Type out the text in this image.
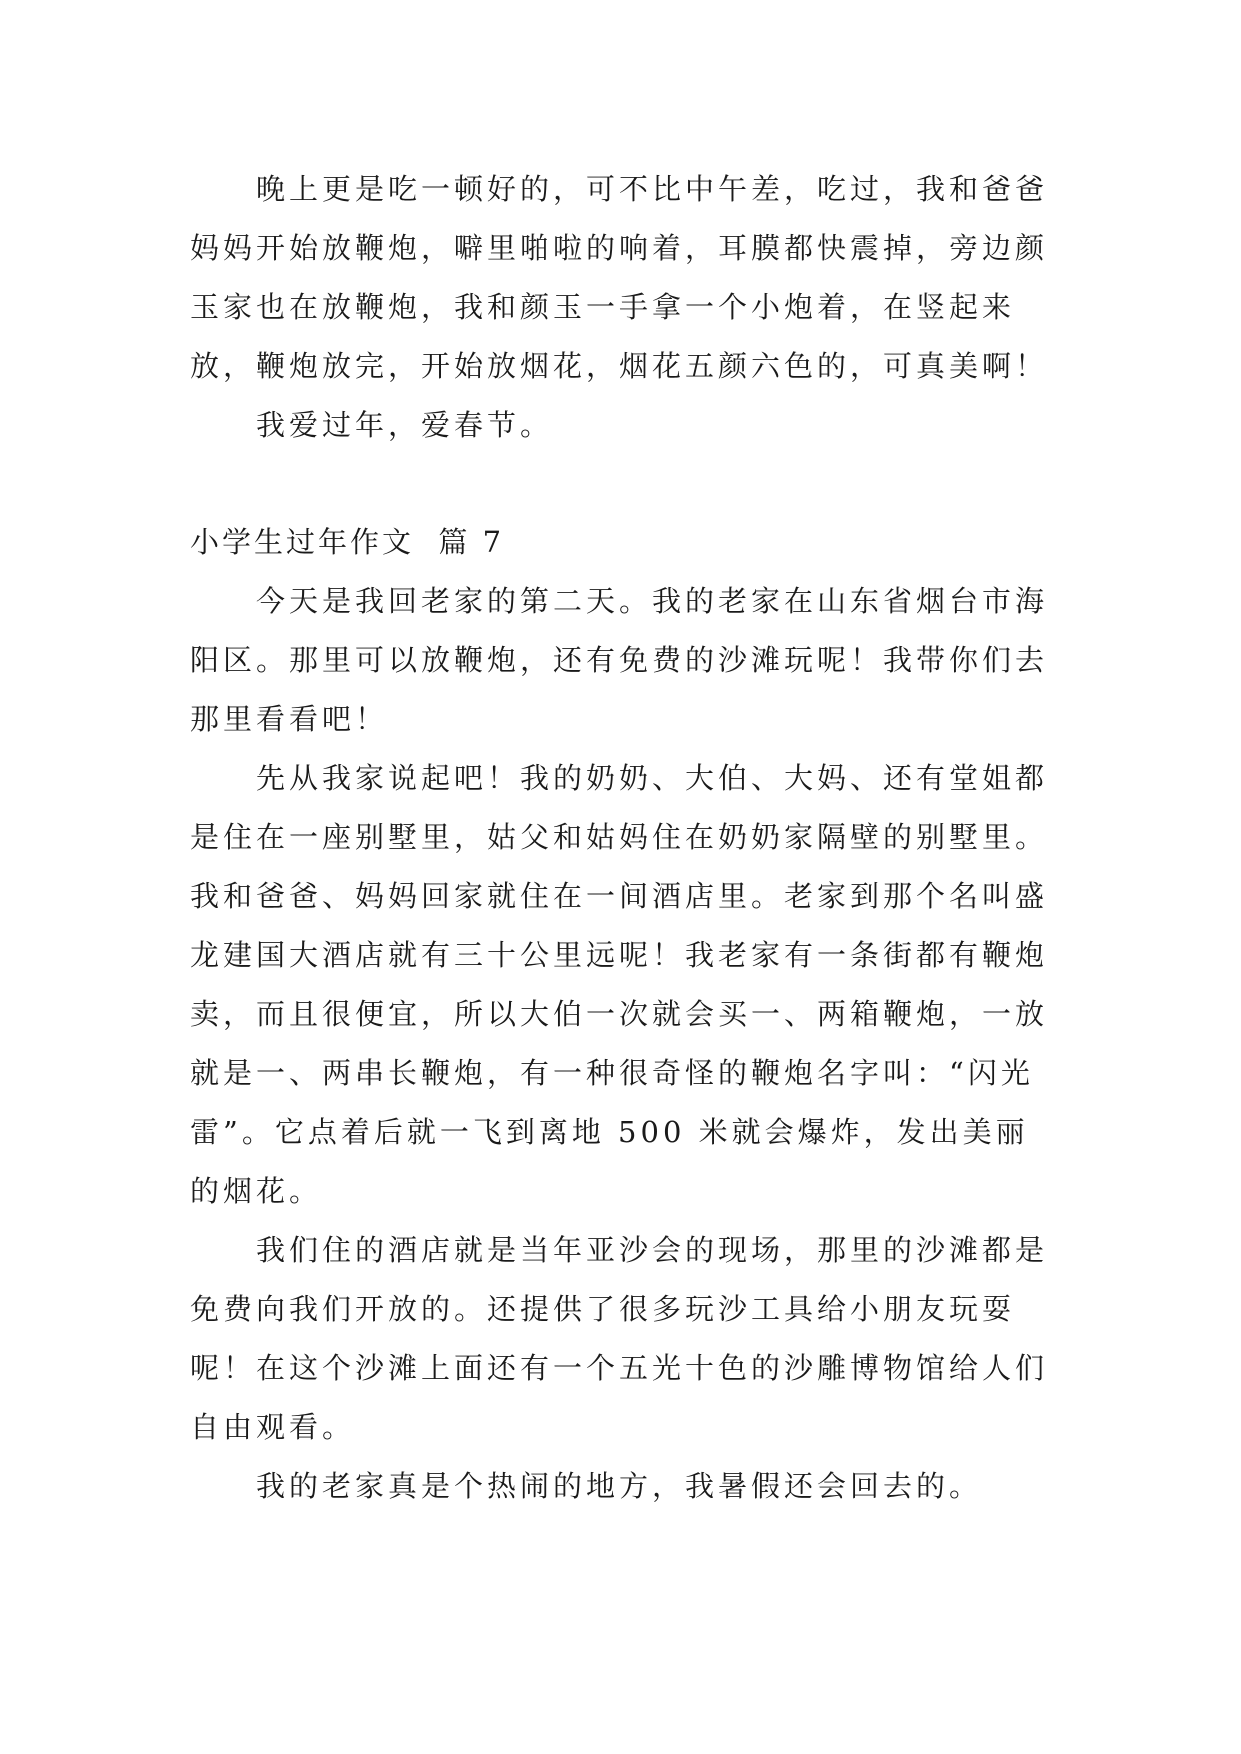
晚上更是吃一顿好的，可不比中午差，吃过，我和爸爸妈妈开始放鞭炮，噼里啪啦的响着，耳膜都快震掉，旁边颜玉家也在放鞭炮，我和颜玉一手拿一个小炮着，在竖起来放，鞭炮放完，开始放烟花，烟花五颜六色的，可真美啊！

我爱过年，爱春节。

小学生过年作文  篇 7

今天是我回老家的第二天。我的老家在山东省烟台市海阳区。那里可以放鞭炮，还有免费的沙滩玩呢！我带你们去那里看看吧！

先从我家说起吧！我的奶奶、大伯、大妈、还有堂姐都是住在一座别墅里，姑父和姑妈住在奶奶家隔壁的别墅里。我和爸爸、妈妈回家就住在一间酒店里。老家到那个名叫盛龙建国大酒店就有三十公里远呢！我老家有一条街都有鞭炮卖，而且很便宜，所以大伯一次就会买一、两箱鞭炮，一放就是一、两串长鞭炮，有一种很奇怪的鞭炮名字叫：“闪光雷”。它点着后就一飞到离地 500 米就会爆炸，发出美丽的烟花。

我们住的酒店就是当年亚沙会的现场，那里的沙滩都是免费向我们开放的。还提供了很多玩沙工具给小朋友玩耍呢！在这个沙滩上面还有一个五光十色的沙雕博物馆给人们自由观看。

我的老家真是个热闹的地方，我暑假还会回去的。
